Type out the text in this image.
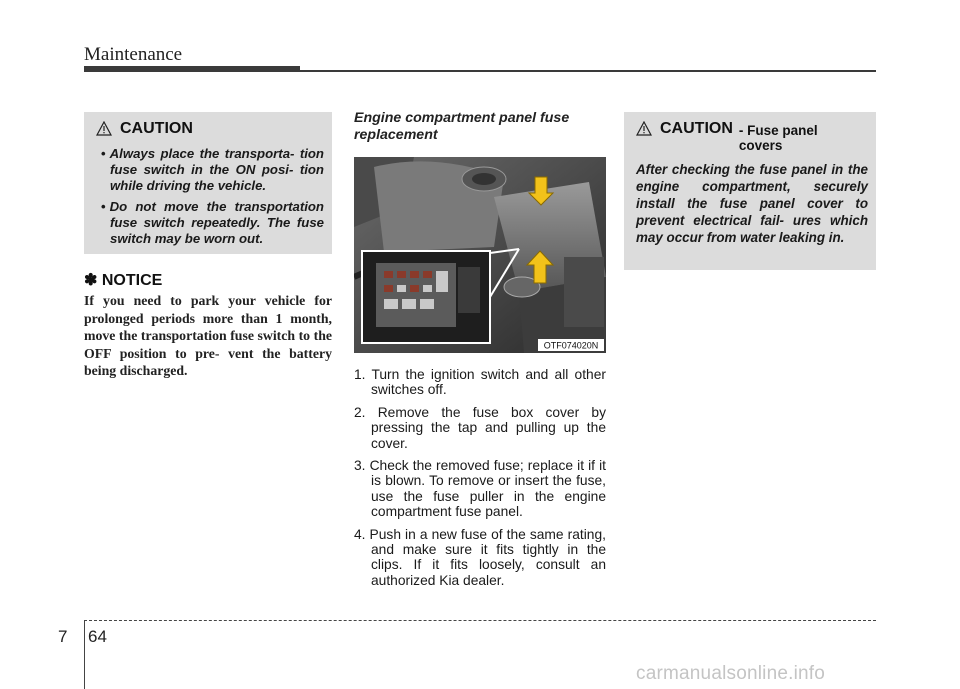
Maintenance
CAUTION
• Always place the transporta- tion fuse switch in the ON posi- tion while driving the vehicle.
• Do not move the transportation fuse switch repeatedly. The fuse switch may be worn out.
✽ NOTICE
If you need to park your vehicle for prolonged periods more than 1 month, move the transportation fuse switch to the OFF position to pre- vent the battery being discharged.
Engine compartment panel fuse replacement
OTF074020N
1. Turn the ignition switch and all other switches off.
2. Remove the fuse box cover by pressing the tap and pulling up the cover.
3. Check the removed fuse; replace it if it is blown. To remove or insert the fuse, use the fuse puller in the engine compartment fuse panel.
4. Push in a new fuse of the same rating, and make sure it fits tightly in the clips. If it fits loosely, consult an authorized Kia dealer.
CAUTION - Fuse panel covers
After checking the fuse panel in the engine compartment, securely install the fuse panel cover to prevent electrical fail- ures which may occur from water leaking in.
7 64
carmanualsonline.info
